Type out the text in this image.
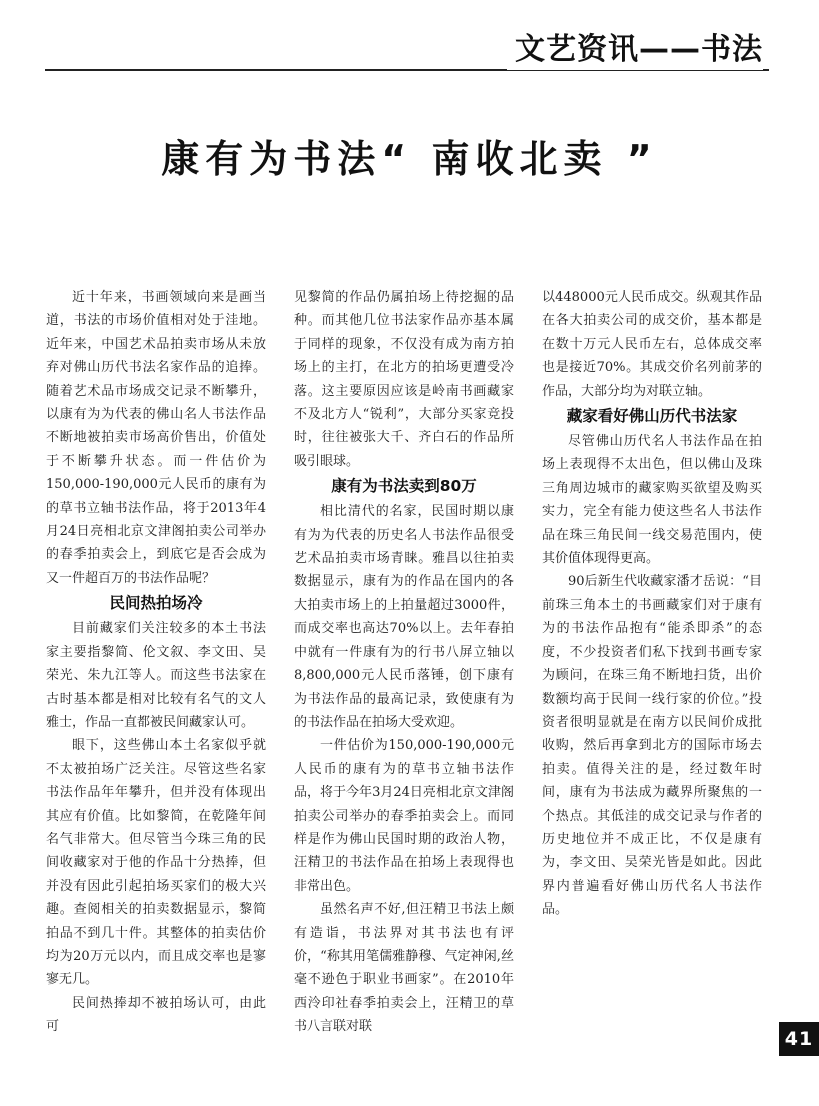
文艺资讯——书法
康有为书法“ 南收北卖 ”

近十年来，书画领域向来是画当道，书法的市场价值相对处于洼地。近年来，中国艺术品拍卖市场从未放弃对佛山历代书法名家作品的追捧。随着艺术品市场成交记录不断攀升，以康有为为代表的佛山名人书法作品不断地被拍卖市场高价售出，价值处于不断攀升状态。而一件估价为150,000-190,000元人民币的康有为的草书立轴书法作品，将于2013年4月24日亮相北京文津阁拍卖公司举办的春季拍卖会上，到底它是否会成为又一件超百万的书法作品呢？

民间热拍场冷

目前藏家们关注较多的本土书法家主要指黎简、伦文叙、李文田、吴荣光、朱九江等人。而这些书法家在古时基本都是相对比较有名气的文人雅士，作品一直都被民间藏家认可。

眼下，这些佛山本土名家似乎就不太被拍场广泛关注。尽管这些名家书法作品年年攀升，但并没有体现出其应有价值。比如黎简，在乾隆年间名气非常大。但尽管当今珠三角的民间收藏家对于他的作品十分热捧，但并没有因此引起拍场买家们的极大兴趣。查阅相关的拍卖数据显示，黎简拍品不到几十件。其整体的拍卖估价均为20万元以内，而且成交率也是寥寥无几。

民间热捧却不被拍场认可，由此可

见黎简的作品仍属拍场上待挖掘的品种。而其他几位书法家作品亦基本属于同样的现象，不仅没有成为南方拍场上的主打，在北方的拍场更遭受冷落。这主要原因应该是岭南书画藏家不及北方人“锐利”，大部分买家竞投时，往往被张大千、齐白石的作品所吸引眼球。

康有为书法卖到80万

相比清代的名家，民国时期以康有为为代表的历史名人书法作品很受艺术品拍卖市场青睐。雅昌以往拍卖数据显示，康有为的作品在国内的各大拍卖市场上的上拍量超过3000件，而成交率也高达70%以上。去年春拍中就有一件康有为的行书八屏立轴以8,800,000元人民币落锤，创下康有为书法作品的最高记录，致使康有为的书法作品在拍场大受欢迎。

一件估价为150,000-190,000元人民币的康有为的草书立轴书法作品，将于今年3月24日亮相北京文津阁拍卖公司举办的春季拍卖会上。而同样是作为佛山民国时期的政治人物，汪精卫的书法作品在拍场上表现得也非常出色。

虽然名声不好,但汪精卫书法上颇有造诣，书法界对其书法也有评价，“称其用笔儒雅静穆、气定神闲,丝毫不逊色于职业书画家”。在2010年西泠印社春季拍卖会上，汪精卫的草书八言联对联

以448000元人民币成交。纵观其作品在各大拍卖公司的成交价，基本都是在数十万元人民币左右，总体成交率也是接近70%。其成交价名列前茅的作品，大部分均为对联立轴。

藏家看好佛山历代书法家

尽管佛山历代名人书法作品在拍场上表现得不太出色，但以佛山及珠三角周边城市的藏家购买欲望及购买实力，完全有能力使这些名人书法作品在珠三角民间一线交易范围内，使其价值体现得更高。

90后新生代收藏家潘才岳说：“目前珠三角本土的书画藏家们对于康有为的书法作品抱有“能杀即杀”的态度，不少投资者们私下找到书画专家为顾问，在珠三角不断地扫货，出价数额均高于民间一线行家的价位。”投资者很明显就是在南方以民间价成批收购，然后再拿到北方的国际市场去拍卖。值得关注的是，经过数年时间，康有为书法成为藏界所聚焦的一个热点。其低洼的成交记录与作者的历史地位并不成正比，不仅是康有为，李文田、吴荣光皆是如此。因此界内普遍看好佛山历代名人书法作品。

41
